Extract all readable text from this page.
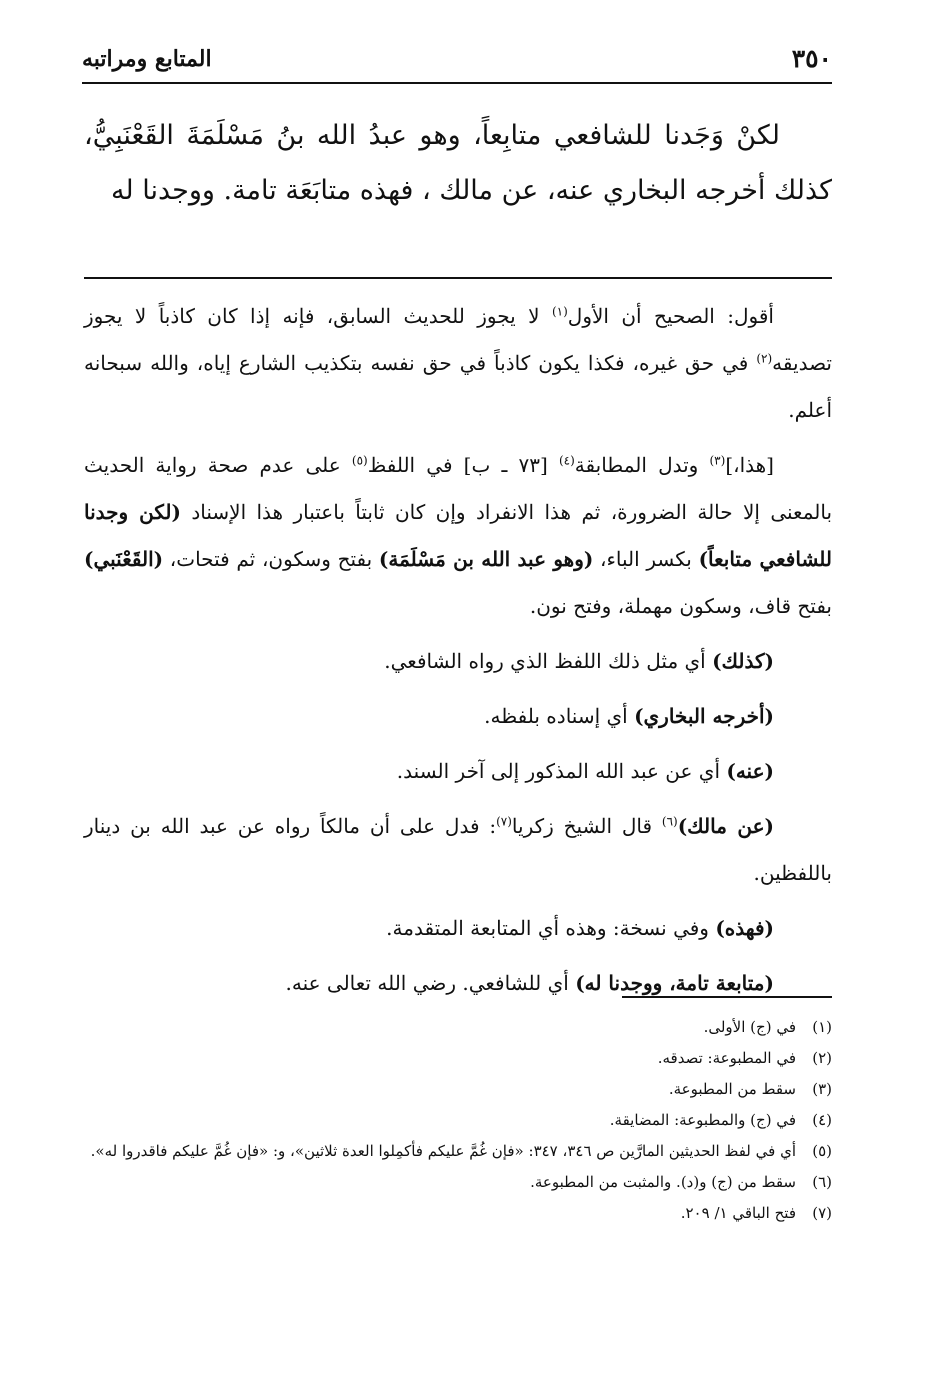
٣٥٠
المتابع ومراتبه

لكنْ وَجَدنا للشافعي متابِعاً، وهو عبدُ الله بنُ مَسْلَمَةَ القَعْنَبِيُّ، كذلك أخرجه البخاري عنه، عن مالك ، فهذه متابَعَة تامة. ووجدنا له

أقول: الصحيح أن الأول$^{(١)}$ لا يجوز للحديث السابق، فإنه إذا كان كاذباً لا يجوز تصديقه$^{(٢)}$ في حق غيره، فكذا يكون كاذباً في حق نفسه بتكذيب الشارع إياه، والله سبحانه أعلم.

[هذا،]$^{(٣)}$ وتدل المطابقة$^{(٤)}$ [٧٣ ـ ب] في اللفظ$^{(٥)}$ على عدم صحة رواية الحديث بالمعنى إلا حالة الضرورة، ثم هذا الانفراد وإن كان ثابتاً باعتبار هذا الإسناد (لكن وجدنا للشافعي متابعاً) بكسر الباء، (وهو عبد الله بن مَسْلَمَة) بفتح وسكون، ثم فتحات، (القَعْنَبي) بفتح قاف، وسكون مهملة، وفتح نون.

(كذلك) أي مثل ذلك اللفظ الذي رواه الشافعي.

(أخرجه البخاري) أي إسناده بلفظه.

(عنه) أي عن عبد الله المذكور إلى آخر السند.

(عن مالك)$^{(٦)}$ قال الشيخ زكريا$^{(٧)}$: فدل على أن مالكاً رواه عن عبد الله بن دينار باللفظين.

(فهذه) وفي نسخة: وهذه أي المتابعة المتقدمة.

(متابعة تامة، ووجدنا له) أي للشافعي. رضي الله تعالى عنه.

(١)
في (ج) الأولى.
(٢)
في المطبوعة: تصدقه.
(٣)
سقط من المطبوعة.
(٤)
في (ج) والمطبوعة: المضايقة.
(٥)
أي في لفظ الحديثين المارَّين ص ٣٤٦، ٣٤٧: «فإن غُمَّ عليكم فأكمِلوا العدة ثلاثين»، و: «فإن غُمَّ عليكم فاقدروا له».
(٦)
سقط من (ج) و(د). والمثبت من المطبوعة.
(٧)
فتح الباقي ١/ ٢٠٩.
